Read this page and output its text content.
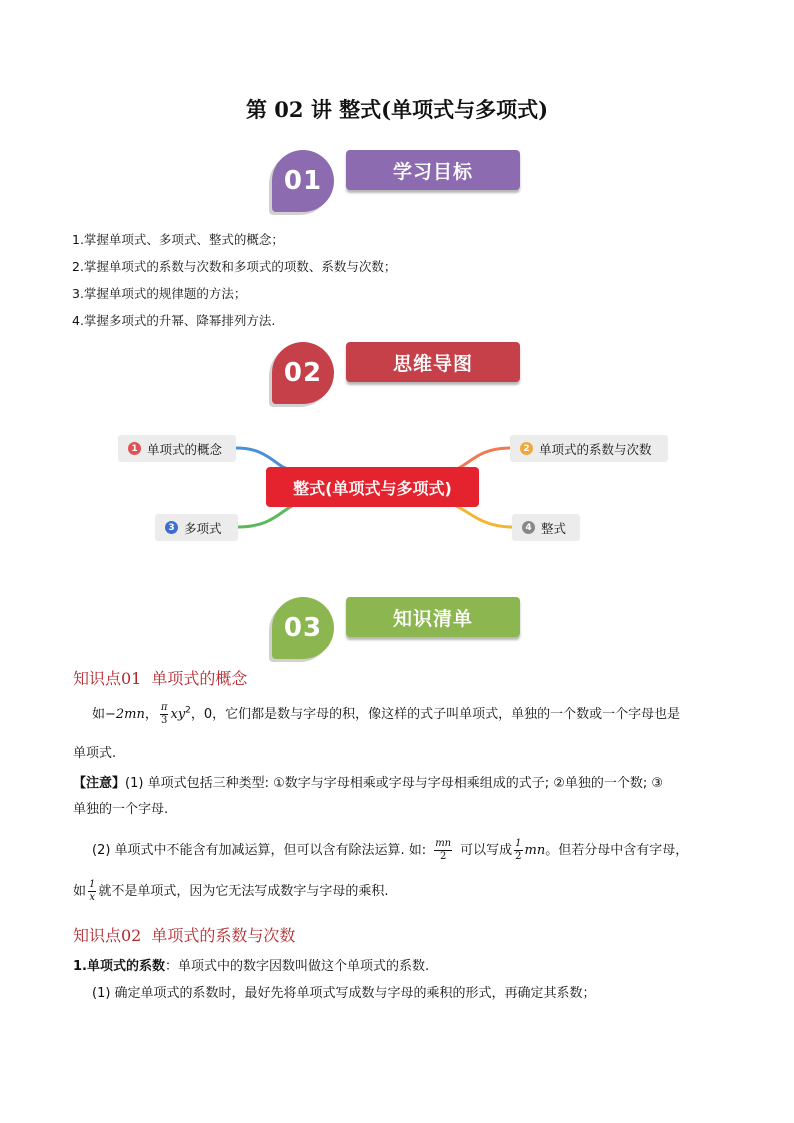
第 02 讲 整式(单项式与多项式)
01	学习目标
1.掌握单项式、多项式、整式的概念；
2.掌握单项式的系数与次数和多项式的项数、系数与次数；
3.掌握单项式的规律题的方法；
4.掌握多项式的升幂、降幂排列方法.
02	思维导图
1 单项式的概念	2 单项式的系数与次数
3 多项式	4 整式
整式(单项式与多项式)
03	知识清单
知识点01 单项式的概念
如−2mn， $\frac{\pi}{3} xy^2$，0，它们都是数与字母的积，像这样的式子叫单项式，单独的一个数或一个字母也是
单项式.
【注意】(1) 单项式包括三种类型: ①数字与字母相乘或字母与字母相乘组成的式子; ②单独的一个数; ③
单独的一个字母.
(2) 单项式中不能含有加减运算，但可以含有除法运算. 如: $\frac{mn}{2}$ 可以写成 $\frac{1}{2}$ mn。但若分母中含有字母，
如 $\frac{1}{x}$ 就不是单项式，因为它无法写成数字与字母的乘积.
知识点02 单项式的系数与次数
1.单项式的系数：单项式中的数字因数叫做这个单项式的系数.
(1) 确定单项式的系数时，最好先将单项式写成数与字母的乘积的形式，再确定其系数；
